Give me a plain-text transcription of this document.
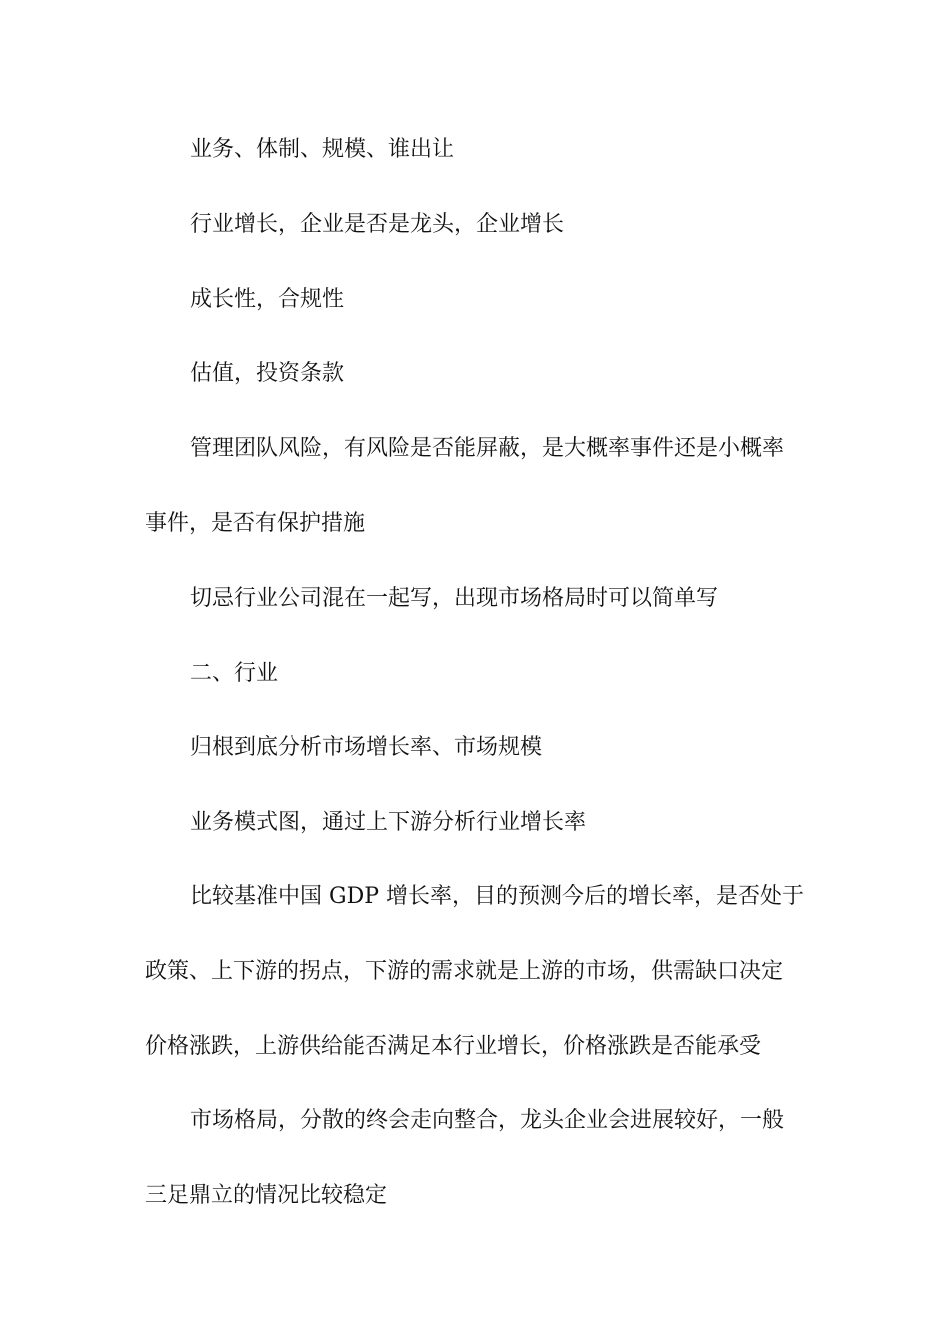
业务、体制、规模、谁出让

行业增长，企业是否是龙头，企业增长

成长性，合规性

估值，投资条款

管理团队风险，有风险是否能屏蔽，是大概率事件还是小概率

事件，是否有保护措施

切忌行业公司混在一起写，出现市场格局时可以简单写

二、行业

归根到底分析市场增长率、市场规模

业务模式图，通过上下游分析行业增长率

比较基准中国 GDP 增长率，目的预测今后的增长率，是否处于

政策、上下游的拐点，下游的需求就是上游的市场，供需缺口决定

价格涨跌，上游供给能否满足本行业增长，价格涨跌是否能承受

市场格局，分散的终会走向整合，龙头企业会进展较好，一般

三足鼎立的情况比较稳定
